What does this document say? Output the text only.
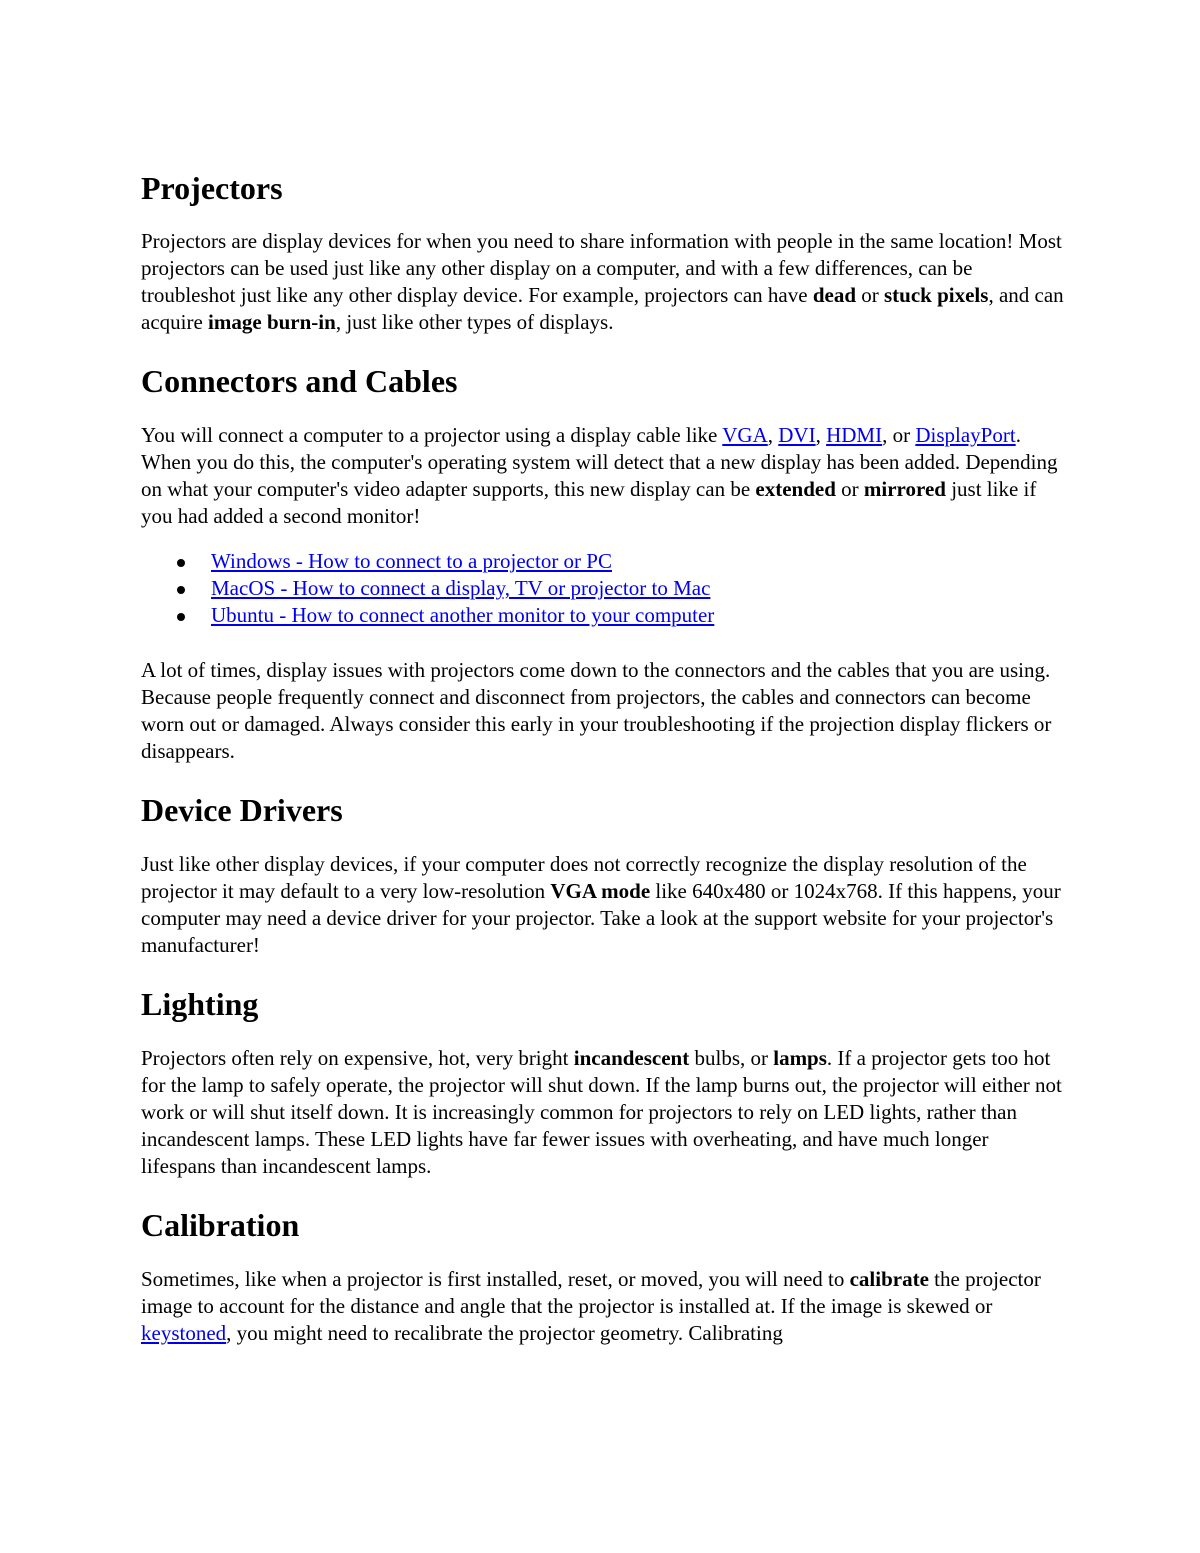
Projectors

Projectors are display devices for when you need to share information with people in the same location! Most projectors can be used just like any other display on a computer, and with a few differences, can be troubleshot just like any other display device. For example, projectors can have dead or stuck pixels, and can acquire image burn-in, just like other types of displays.

Connectors and Cables

You will connect a computer to a projector using a display cable like VGA, DVI, HDMI, or DisplayPort. When you do this, the computer's operating system will detect that a new display has been added. Depending on what your computer's video adapter supports, this new display can be extended or mirrored just like if you had added a second monitor!

Windows - How to connect to a projector or PC
MacOS - How to connect a display, TV or projector to Mac
Ubuntu - How to connect another monitor to your computer

A lot of times, display issues with projectors come down to the connectors and the cables that you are using. Because people frequently connect and disconnect from projectors, the cables and connectors can become worn out or damaged. Always consider this early in your troubleshooting if the projection display flickers or disappears.

Device Drivers

Just like other display devices, if your computer does not correctly recognize the display resolution of the projector it may default to a very low-resolution VGA mode like 640x480 or 1024x768. If this happens, your computer may need a device driver for your projector. Take a look at the support website for your projector's manufacturer!

Lighting

Projectors often rely on expensive, hot, very bright incandescent bulbs, or lamps. If a projector gets too hot for the lamp to safely operate, the projector will shut down. If the lamp burns out, the projector will either not work or will shut itself down. It is increasingly common for projectors to rely on LED lights, rather than incandescent lamps. These LED lights have far fewer issues with overheating, and have much longer lifespans than incandescent lamps.

Calibration

Sometimes, like when a projector is first installed, reset, or moved, you will need to calibrate the projector image to account for the distance and angle that the projector is installed at. If the image is skewed or keystoned, you might need to recalibrate the projector geometry. Calibrating
